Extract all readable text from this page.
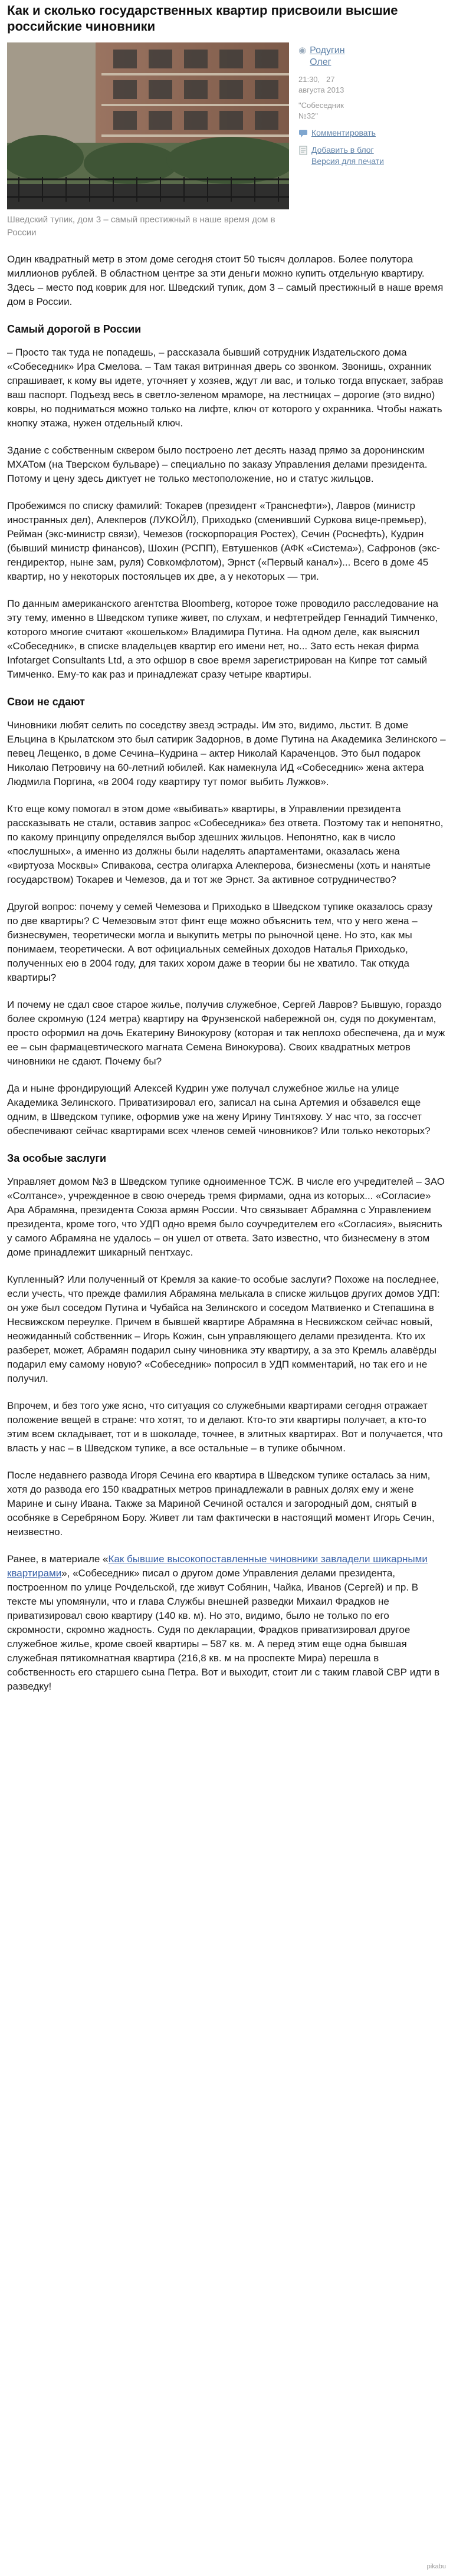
Как и сколько государственных квартир присвоили высшие российские чиновники

Шведский тупик, дом 3 – самый престижный в наше время дом в России

◉ Родугин
Олег
21:30, 27
августа 2013
"Собеседник
№32"
Комментировать
Добавить в блог
Версия для печати

Один квадратный метр в этом доме сегодня стоит 50 тысяч долларов. Более полутора миллионов рублей. В областном центре за эти деньги можно купить отдельную квартиру. Здесь – место под коврик для ног. Шведский тупик, дом 3 – самый престижный в наше время дом в России.

Самый дорогой в России

– Просто так туда не попадешь, – рассказала бывший сотрудник Издательского дома «Собеседник» Ира Смелова. – Там такая витринная дверь со звонком. Звонишь, охранник спрашивает, к кому вы идете, уточняет у хозяев, ждут ли вас, и только тогда впускает, забрав ваш паспорт. Подъезд весь в светло-зеленом мраморе, на лестницах – дорогие (это видно) ковры, но подниматься можно только на лифте, ключ от которого у охранника. Чтобы нажать кнопку этажа, нужен отдельный ключ.

Здание с собственным сквером было построено лет десять назад прямо за доронинским МХАТом (на Тверском бульваре) – специально по заказу Управления делами президента. Потому и цену здесь диктует не только местоположение, но и статус жильцов.

Пробежимся по списку фамилий: Токарев (президент «Транснефти»), Лавров (министр иностранных дел), Алекперов (ЛУКОЙЛ), Приходько (сменивший Суркова вице-премьер), Рейман (экс-министр связи), Чемезов (госкорпорация Ростех), Сечин (Роснефть), Кудрин (бывший министр финансов), Шохин (РСПП), Евтушенков (АФК «Система»), Сафронов (экс-гендиректор, ныне зам, руля) Совкомфлотом), Эрнст («Первый канал»)... Всего в доме 45 квартир, но у некоторых постояльцев их две, а у некоторых — три.

По данным американского агентства Bloomberg, которое тоже проводило расследование на эту тему, именно в Шведском тупике живет, по слухам, и нефтетрейдер Геннадий Тимченко, которого многие считают «кошельком» Владимира Путина. На одном деле, как выяснил «Собеседник», в списке владельцев квартир его имени нет, но... Зато есть некая фирма Infotarget Consultants Ltd, а это офшор в свое время зарегистрирован на Кипре тот самый Тимченко. Ему-то как раз и принадлежат сразу четыре квартиры.

Свои не сдают

Чиновники любят селить по соседству звезд эстрады. Им это, видимо, льстит. В доме Ельцина в Крылатском это был сатирик Задорнов, в доме Путина на Академика Зелинского – певец Лещенко, в доме Сечина–Кудрина – актер Николай Караченцов. Это был подарок Николаю Петровичу на 60-летний юбилей. Как намекнула ИД «Собеседник» жена актера Людмила Поргина, «в 2004 году квартиру тут помог выбить Лужков».

Кто еще кому помогал в этом доме «выбивать» квартиры, в Управлении президента рассказывать не стали, оставив запрос «Собеседника» без ответа. Поэтому так и непонятно, по какому принципу определялся выбор здешних жильцов. Непонятно, как в число «послушных», а именно из должны были наделять апартаментами, оказалась жена «виртуоза Москвы» Спивакова, сестра олигарха Алекперова, бизнесмены (хоть и нанятые государством) Токарев и Чемезов, да и тот же Эрнст. За активное сотрудничество?

Другой вопрос: почему у семей Чемезова и Приходько в Шведском тупике оказалось сразу по две квартиры? С Чемезовым этот финт еще можно объяснить тем, что у него жена – бизнесвумен, теоретически могла и выкупить метры по рыночной цене. Но это, как мы понимаем, теоретически. А вот официальных семейных доходов Наталья Приходько, полученных ею в 2004 году, для таких хором даже в теории бы не хватило. Так откуда квартиры?

И почему не сдал свое старое жилье, получив служебное, Сергей Лавров? Бывшую, гораздо более скромную (124 метра) квартиру на Фрунзенской набережной он, судя по документам, просто оформил на дочь Екатерину Винокурову (которая и так неплохо обеспечена, да и муж ее – сын фармацевтического магната Семена Винокурова). Своих квадратных метров чиновники не сдают. Почему бы?

Да и ныне фрондирующий Алексей Кудрин уже получал служебное жилье на улице Академика Зелинского. Приватизировал его, записал на сына Артемия и обзавелся еще одним, в Шведском тупике, оформив уже на жену Ирину Тинтяхову. У нас что, за госсчет обеспечивают сейчас квартирами всех членов семей чиновников? Или только некоторых?

За особые заслуги

Управляет домом №3 в Шведском тупике одноименное ТСЖ. В числе его учредителей – ЗАО «Солтансе», учрежденное в свою очередь тремя фирмами, одна из которых... «Согласие» Ара Абрамяна, президента Союза армян России. Что связывает Абрамяна с Управлением президента, кроме того, что УДП одно время было соучредителем его «Согласия», выяснить у самого Абрамяна не удалось – он ушел от ответа. Зато известно, что бизнесмену в этом доме принадлежит шикарный пентхаус.

Купленный? Или полученный от Кремля за какие-то особые заслуги? Похоже на последнее, если учесть, что прежде фамилия Абрамяна мелькала в списке жильцов других домов УДП: он уже был соседом Путина и Чубайса на Зелинского и соседом Матвиенко и Степашина в Несвижском переулке. Причем в бывшей квартире Абрамяна в Несвижском сейчас новый, неожиданный собственник – Игорь Кожин, сын управляющего делами президента. Кто их разберет, может, Абрамян подарил сыну чиновника эту квартиру, а за это Кремль алавёрды подарил ему самому новую? «Собеседник» попросил в УДП комментарий, но так его и не получил.

Впрочем, и без того уже ясно, что ситуация со служебными квартирами сегодня отражает положение вещей в стране: что хотят, то и делают. Кто-то эти квартиры получает, а кто-то этим всем складывает, тот и в шоколаде, точнее, в элитных квартирах. Вот и получается, что власть у нас – в Шведском тупике, а все остальные – в тупике обычном.

После недавнего развода Игоря Сечина его квартира в Шведском тупике осталась за ним, хотя до развода его 150 квадратных метров принадлежали в равных долях ему и жене Марине и сыну Ивана. Также за Мариной Сечиной остался и загородный дом, снятый в особняке в Серебряном Бору. Живет ли там фактически в настоящий момент Игорь Сечин, неизвестно.

Ранее, в материале «Как бывшие высокопоставленные чиновники завладели шикарными квартирами», «Собеседник» писал о другом доме Управления делами президента, построенном по улице Рочдельской, где живут Собянин, Чайка, Иванов (Сергей) и пр. В тексте мы упомянули, что и глава Службы внешней разведки Михаил Фрадков не приватизировал свою квартиру (140 кв. м). Но это, видимо, было не только по его скромности, скромно жадность. Судя по декларации, Фрадков приватизировал другое служебное жилье, кроме своей квартиры – 587 кв. м. А перед этим еще одна бывшая служебная пятикомнатная квартира (216,8 кв. м на проспекте Мира) перешла в собственность его старшего сына Петра. Вот и выходит, стоит ли с таким главой СВР идти в разведку!

pikabu
